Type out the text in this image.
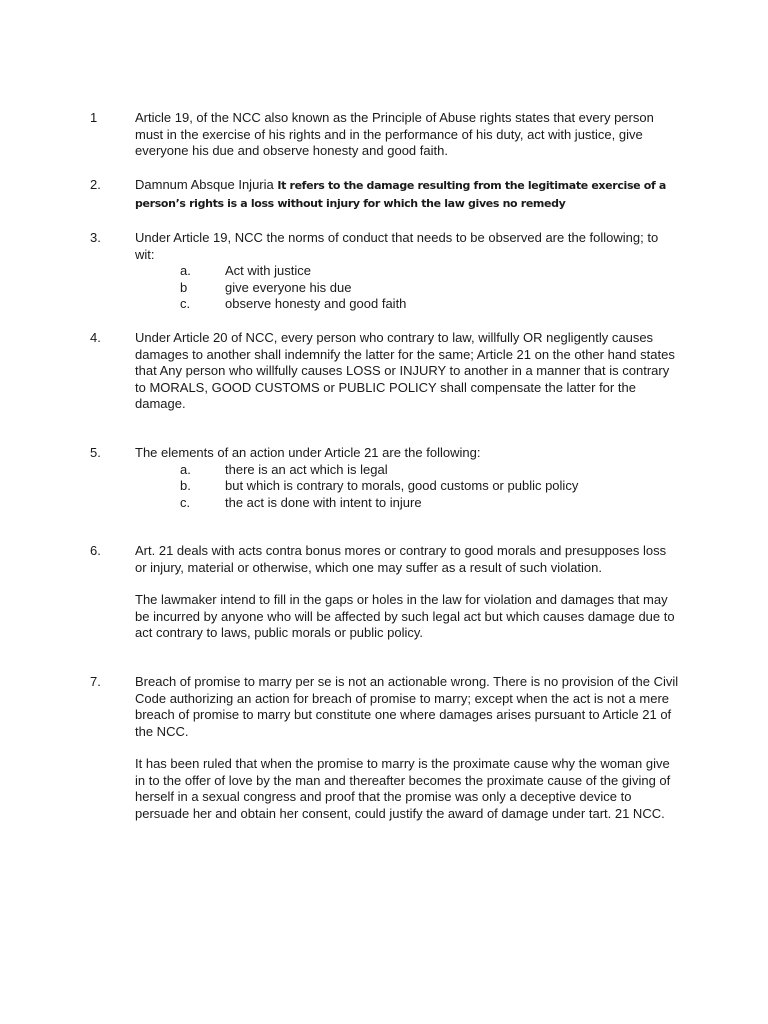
1	Article 19, of the NCC also known as the Principle of Abuse rights states that every person must in the exercise of his rights and in the performance of his duty, act with justice, give everyone his due and observe honesty and good faith.

2.	Damnum Absque Injuria It refers to the damage resulting from the legitimate exercise of a

person’s rights is a loss without injury for which the law gives no remedy

3.	Under Article 19, NCC the norms of conduct that needs to be observed are the following; to wit:

a.	Act with justice
b	give everyone his due
c.	observe honesty and good faith
4.	Under Article 20 of NCC, every person who contrary to law, willfully OR negligently causes damages to another shall indemnify the latter for the same; Article 21 on the other hand states that Any person who willfully causes LOSS or INJURY to another in a manner that is contrary to MORALS, GOOD CUSTOMS or PUBLIC POLICY shall compensate the latter for the damage.

5.	The elements of an action under Article 21 are the following:

a.	there is an act which is legal
b.	but which is contrary to morals, good customs or public policy
c.	the act is done with intent to injure
6.	Art. 21 deals with acts contra bonus mores or contrary to good morals and presupposes loss or injury, material or otherwise, which one may suffer as a result of such violation.

The lawmaker intend to fill in the gaps or holes in the law for violation and damages that may be incurred by anyone who will be affected by such legal act but which causes damage due to act contrary to laws, public morals or public policy.

7.	Breach of promise to marry per se is not an actionable wrong. There is no provision of the Civil Code authorizing an action for breach of promise to marry; except when the act is not a mere breach of promise to marry but constitute one where damages arises pursuant to Article 21 of the NCC.

It has been ruled that when the promise to marry is the proximate cause why the woman give in to the offer of love by the man and thereafter becomes the proximate cause of the giving of herself in a sexual congress and proof that the promise was only a deceptive device to persuade her and obtain her consent, could justify the award of damage under tart. 21 NCC.
